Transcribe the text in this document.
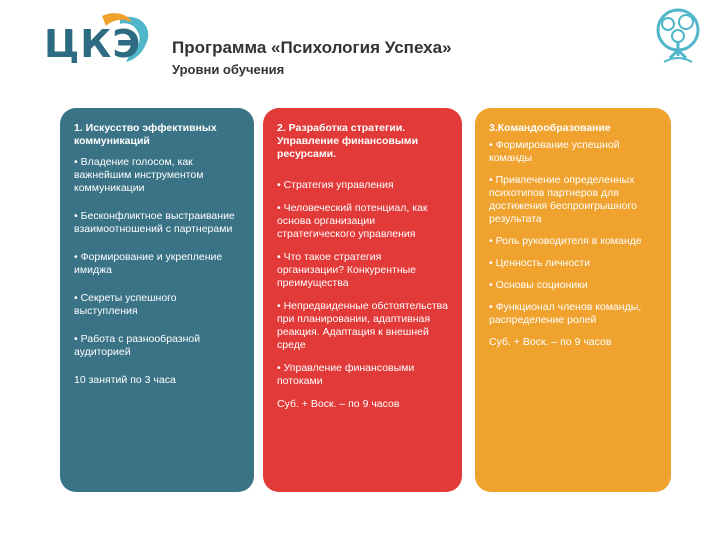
ЦКЭ Программа «Психология Успеха»
Уровни обучения
1. Искусство эффективных коммуникаций
• Владение голосом, как важнейшим инструментом коммуникации
• Бесконфликтное выстраивание взаимоотношений с партнерами
• Формирование и укрепление имиджа
• Секреты успешного выступления
• Работа с разнообразной аудиторией
10 занятий по 3 часа
2. Разработка стратегии. Управление финансовыми ресурсами.
• Стратегия управления
• Человеческий потенциал, как основа организации стратегического управления
• Что такое стратегия организации? Конкурентные преимущества
• Непредвиденные обстоятельства при планировании, адаптивная реакция. Адаптация к внешней среде
• Управление финансовыми потоками
Суб. + Воск. – по 9 часов
3.Командообразование
• Формирование успешной команды
• Привлечение определенных психотипов партнеров для достижения беспроигрышного результата
• Роль руководителя в команде
• Ценность личности
• Основы соционики
• Функционал членов команды, распределение ролей
Суб. + Воск. – по 9 часов
